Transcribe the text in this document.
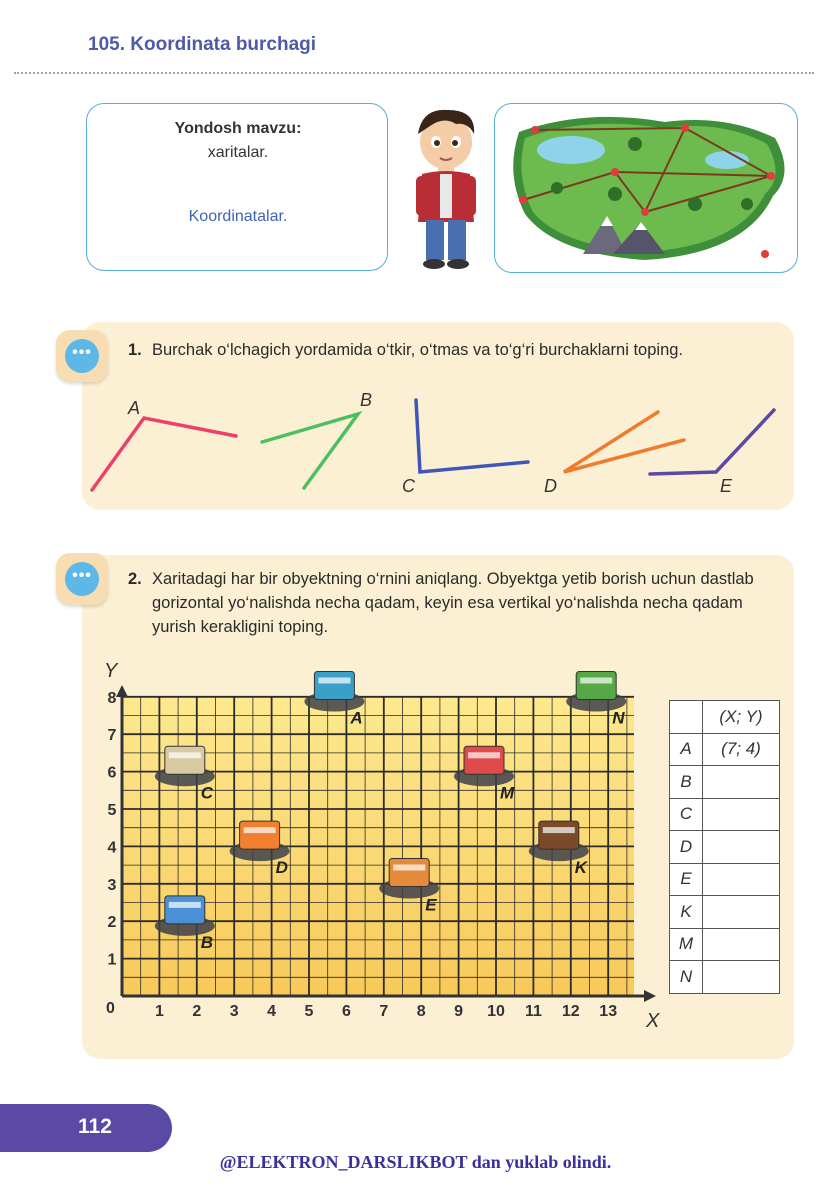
105. Koordinata burchagi
Yondosh mavzu:
xaritalar.
Koordinatalar.
•••	1. Burchak o‘lchagich yordamida o‘tkir, o‘tmas va to‘g‘ri burchaklarni toping.
A	B
C	D	E
•••	2. Xaritadagi har bir obyektning o‘rnini aniqlang. Obyektga yetib borish uchun dastlab gorizontal yo‘nalishda necha qadam, keyin esa vertikal yo‘nalishda necha qadam yurish kerakligini toping.
A
B
C
D
E
K
M
N
Y
X
0	1 2 3 4 5 6 7 8 9 10 11 12 13
1
2
3
4
5
6
7
8
	(X; Y)
A	(7; 4)
B	
C	
D	
E	
K	
M	
N	
112
@ELEKTRON_DARSLIKBOT dan yuklab olindi.
